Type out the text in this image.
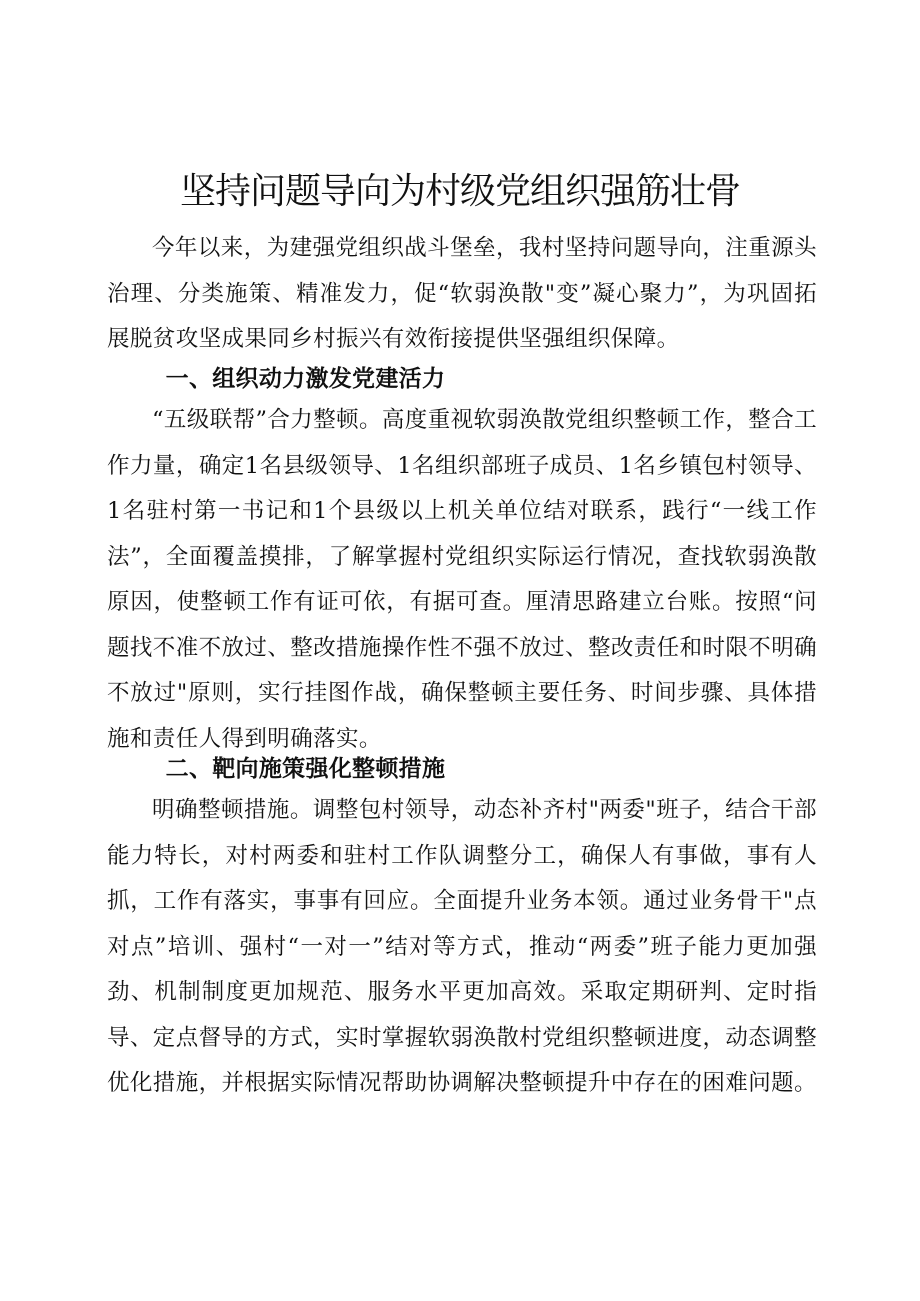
坚持问题导向为村级党组织强筋壮骨

今年以来，为建强党组织战斗堡垒，我村坚持问题导向，注重源头治理、分类施策、精准发力，促“软弱涣散"变”凝心聚力”，为巩固拓展脱贫攻坚成果同乡村振兴有效衔接提供坚强组织保障。

一、组织动力激发党建活力

“五级联帮”合力整顿。高度重视软弱涣散党组织整顿工作，整合工作力量，确定1名县级领导、1名组织部班子成员、1名乡镇包村领导、1名驻村第一书记和1个县级以上机关单位结对联系，践行“一线工作法”，全面覆盖摸排，了解掌握村党组织实际运行情况，查找软弱涣散原因，使整顿工作有证可依，有据可查。厘清思路建立台账。按照“问题找不准不放过、整改措施操作性不强不放过、整改责任和时限不明确不放过"原则，实行挂图作战，确保整顿主要任务、时间步骤、具体措施和责任人得到明确落实。

二、靶向施策强化整顿措施

明确整顿措施。调整包村领导，动态补齐村"两委"班子，结合干部能力特长，对村两委和驻村工作队调整分工，确保人有事做，事有人抓，工作有落实，事事有回应。全面提升业务本领。通过业务骨干"点对点”培训、强村“一对一”结对等方式，推动“两委”班子能力更加强劲、机制制度更加规范、服务水平更加高效。采取定期研判、定时指导、定点督导的方式，实时掌握软弱涣散村党组织整顿进度，动态调整优化措施，并根据实际情况帮助协调解决整顿提升中存在的困难问题。
